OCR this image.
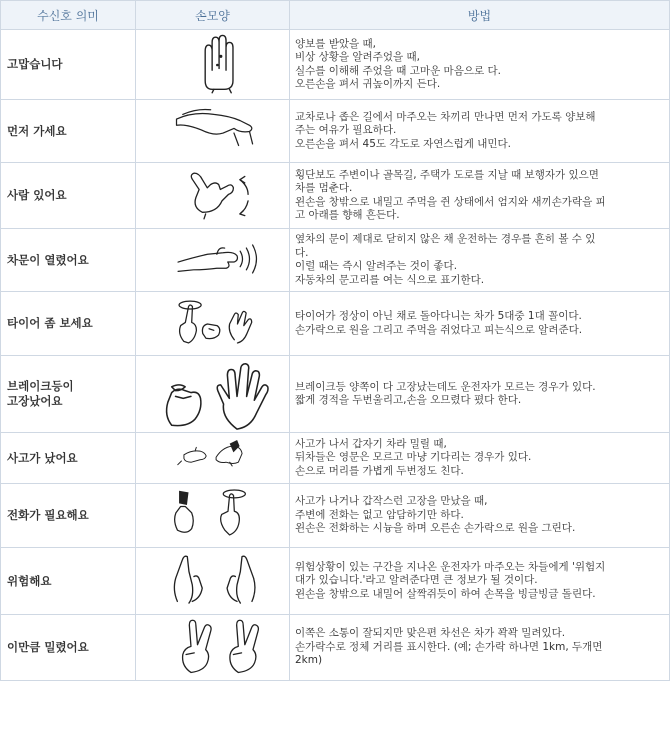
수신호 의미	손모양	방법

고맙습니다		양보를 받았을 때,
비상 상황을 알려주었을 때,
실수를 이해해 주었을 때 고마운 마음으로 다.
오른손을 펴서 귀높이까지 든다.

먼저 가세요		교차로나 좁은 길에서 마주오는 차끼리 만나면 먼저 가도록 양보해
주는 여유가 필요하다.
오른손을 펴서 45도 각도로 자연스럽게 내민다.

사람 있어요		횡단보도 주변이나 골목길, 주택가 도로를 지날 때 보행자가 있으면
차를 멈춘다.
왼손을 창밖으로 내밀고 주먹을 쥔 상태에서 엄지와 새끼손가락을 피
고 아래를 향해 흔든다.

차문이 열렸어요		옆차의 문이 제대로 닫히지 않은 채 운전하는 경우를 흔히 볼 수 있
다.
이럴 때는 즉시 알려주는 것이 좋다.
자동차의 문고리를 여는 식으로 표기한다.

타이어 좀 보세요		타이어가 정상이 아닌 채로 돌아다니는 차가 5대중 1대 꼴이다.
손가락으로 원을 그리고 주먹을 쥐었다고 피는식으로 알려준다.

브레이크등이
고장났어요		브레이크등 양쪽이 다 고장났는데도 운전자가 모르는 경우가 있다.
짧게 경적을 두번울리고,손을 오므렸다 폈다 한다.

사고가 났어요		사고가 나서 갑자기 차라 밀릴 때,
뒤차들은 영문은 모르고 마냥 기다리는 경우가 있다.
손으로 머리를 가볍게 두번정도 친다.

전화가 필요해요		사고가 나거나 갑작스런 고장을 만났을 때,
주변에 전화는 없고 암담하기만 하다.
왼손은 전화하는 시늉을 하며 오른손 손가락으로 원을 그린다.

위험해요		위험상황이 있는 구간을 지나온 운전자가 마주오는 차들에게 '위험지
대가 있습니다.'라고 알려준다면 큰 정보가 될 것이다.
왼손을 창밖으로 내밀어 살짝쥐듯이 하여 손목을 빙글빙글 돌린다.

이만큼 밀렸어요		이쪽은 소통이 잘되지만 맞은편 차선은 차가 꽉꽉 밀려있다.
손가락수로 정체 거리를 표시한다. (예; 손가락 하나면 1km, 두개면
2km)
